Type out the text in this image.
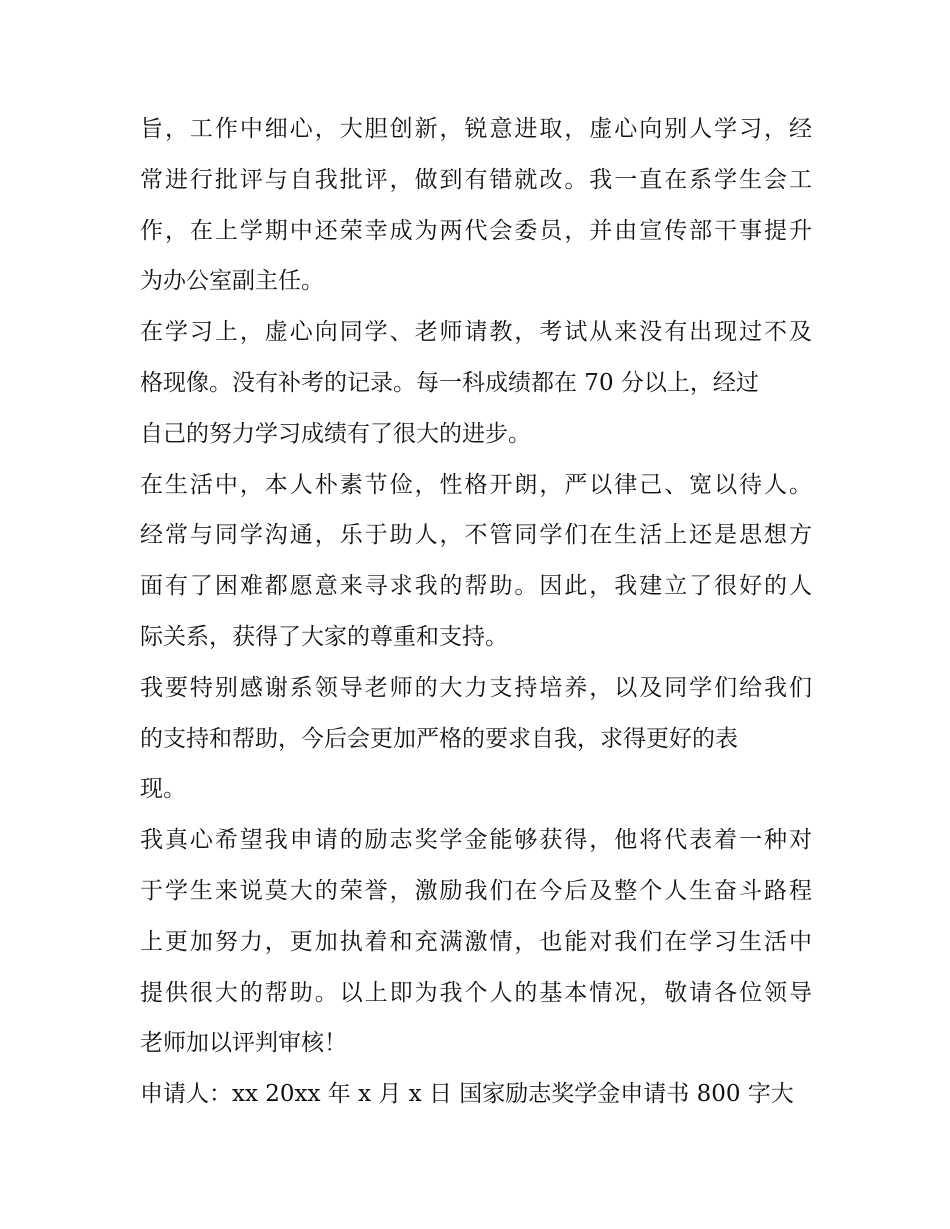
旨，工作中细心，大胆创新，锐意进取，虚心向别人学习，经
常进行批评与自我批评，做到有错就改。我一直在系学生会工
作，在上学期中还荣幸成为两代会委员，并由宣传部干事提升
为办公室副主任。
在学习上，虚心向同学、老师请教，考试从来没有出现过不及
格现像。没有补考的记录。每一科成绩都在 70 分以上，经过
自己的努力学习成绩有了很大的进步。
在生活中，本人朴素节俭，性格开朗，严以律己、宽以待人。
经常与同学沟通，乐于助人，不管同学们在生活上还是思想方
面有了困难都愿意来寻求我的帮助。因此，我建立了很好的人
际关系，获得了大家的尊重和支持。
我要特别感谢系领导老师的大力支持培养，以及同学们给我们
的支持和帮助，今后会更加严格的要求自我，求得更好的表
现。
我真心希望我申请的励志奖学金能够获得，他将代表着一种对
于学生来说莫大的荣誉，激励我们在今后及整个人生奋斗路程
上更加努力，更加执着和充满激情，也能对我们在学习生活中
提供很大的帮助。以上即为我个人的基本情况，敬请各位领导
老师加以评判审核！
申请人：xx 20xx 年 x 月 x 日 国家励志奖学金申请书 800 字大
